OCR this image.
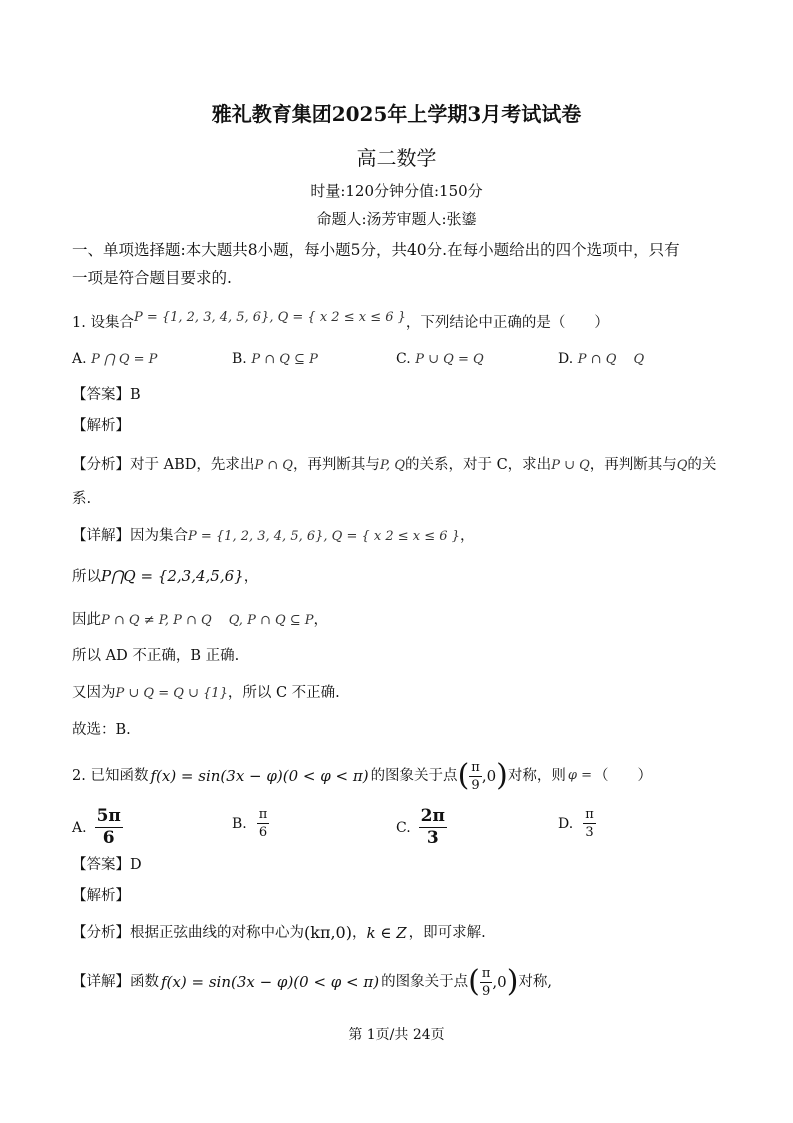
雅礼教育集团2025年上学期3月考试试卷
高二数学
时量:120分钟分值:150分
命题人:汤芳审题人:张鎏
一、单项选择题:本大题共8小题，每小题5分，共40分.在每小题给出的四个选项中，只有
一项是符合题目要求的.
1. 设集合P = {1, 2, 3, 4, 5, 6}, Q = { x 2 ≤ x ≤ 6 }，下列结论中正确的是（　　）
A. P ⋂ Q = P	B. P ∩ Q ⊆ P	C. P ∪ Q = Q	D. P ∩ Q　 Q
【答案】B
【解析】
【分析】对于 ABD，先求出P ∩ Q，再判断其与P, Q的关系，对于 C，求出P ∪ Q，再判断其与Q的关
系.
【详解】因为集合P = {1, 2, 3, 4, 5, 6}, Q = { x 2 ≤ x ≤ 6 }，
所以P⋂Q = {2,3,4,5,6}，
因此P ∩ Q ≠ P, P ∩ Q　 Q, P ∩ Q ⊆ P，
所以 AD 不正确，B 正确.
又因为P ∪ Q = Q ∪ {1}，所以 C 不正确.
故选：B.
2. 已知函数 f(x) = sin(3x − φ)(0 < φ < π) 的图象关于点 ( $\frac{\pi}{9} ,0$ ) 对称，则 φ = （　　）
A. $\frac{5\pi}{6}$	B. $\frac{\pi}{6}$	C. $\frac{2\pi}{3}$	D. $\frac{\pi}{3}$
【答案】D
【解析】
【分析】根据正弦曲线的对称中心为 (kπ,0) ， k ∈ Z ，即可求解.
【详解】函数 f(x) = sin(3x − φ)(0 < φ < π) 的图象关于点 ( $\frac{\pi}{9} ,0$ ) 对称,
第 1页/共 24页
